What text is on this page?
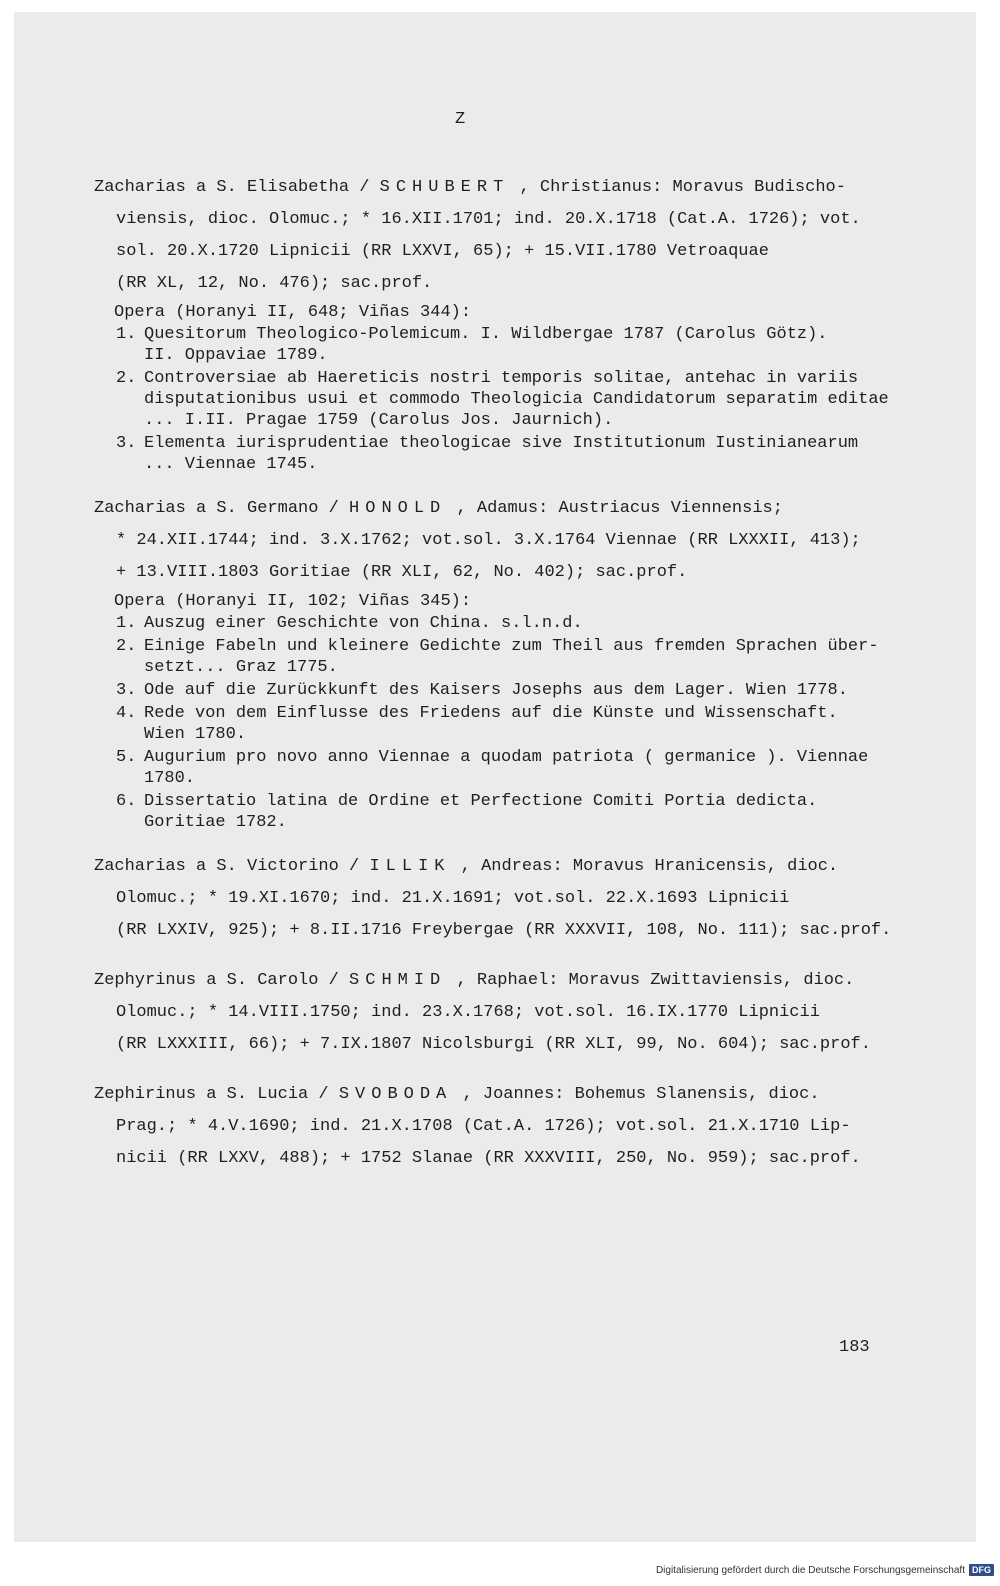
Z

Zacharias a S. Elisabetha / SCHUBERT , Christianus: Moravus Budischo-

viensis, dioc. Olomuc.; * 16.XII.1701; ind. 20.X.1718 (Cat.A. 1726); vot.

sol. 20.X.1720 Lipnicii (RR LXXVI, 65); + 15.VII.1780 Vetroaquae

(RR XL, 12, No. 476); sac.prof.

Opera (Horanyi II, 648; Viñas 344):

1. Quesitorum Theologico-Polemicum. I. Wildbergae 1787 (Carolus Götz).
II. Oppaviae 1789.
2. Controversiae ab Haereticis nostri temporis solitae, antehac in variis
disputationibus usui et commodo Theologicia Candidatorum separatim editae
... I.II. Pragae 1759 (Carolus Jos. Jaurnich).
3. Elementa iurisprudentiae theologicae sive Institutionum Iustinianearum
... Viennae 1745.

Zacharias a S. Germano / HONOLD , Adamus: Austriacus Viennensis;

* 24.XII.1744; ind. 3.X.1762; vot.sol. 3.X.1764 Viennae (RR LXXXII, 413);

+ 13.VIII.1803 Goritiae (RR XLI, 62, No. 402); sac.prof.

Opera (Horanyi II, 102; Viñas 345):

1. Auszug einer Geschichte von China. s.l.n.d.
2. Einige Fabeln und kleinere Gedichte zum Theil aus fremden Sprachen über-
setzt... Graz 1775.
3. Ode auf die Zurückkunft des Kaisers Josephs aus dem Lager. Wien 1778.
4. Rede von dem Einflusse des Friedens auf die Künste und Wissenschaft.
Wien 1780.
5. Augurium pro novo anno Viennae a quodam patriota ( germanice ). Viennae
1780.
6. Dissertatio latina de Ordine et Perfectione Comiti Portia dedicta.
Goritiae 1782.

Zacharias a S. Victorino / ILLIK , Andreas: Moravus Hranicensis, dioc.

Olomuc.; * 19.XI.1670; ind. 21.X.1691; vot.sol. 22.X.1693 Lipnicii

(RR LXXIV, 925); + 8.II.1716 Freybergae (RR XXXVII, 108, No. 111); sac.prof.

Zephyrinus a S. Carolo / SCHMID , Raphael: Moravus Zwittaviensis, dioc.

Olomuc.; * 14.VIII.1750; ind. 23.X.1768; vot.sol. 16.IX.1770 Lipnicii

(RR LXXXIII, 66); + 7.IX.1807 Nicolsburgi (RR XLI, 99, No. 604); sac.prof.

Zephirinus a S. Lucia / SVOBODA , Joannes: Bohemus Slanensis, dioc.

Prag.; * 4.V.1690; ind. 21.X.1708 (Cat.A. 1726); vot.sol. 21.X.1710 Lip-

nicii (RR LXXV, 488); + 1752 Slanae (RR XXXVIII, 250, No. 959); sac.prof.

183
Digitalisierung gefördert durch die Deutsche Forschungsgemeinschaft DFG
